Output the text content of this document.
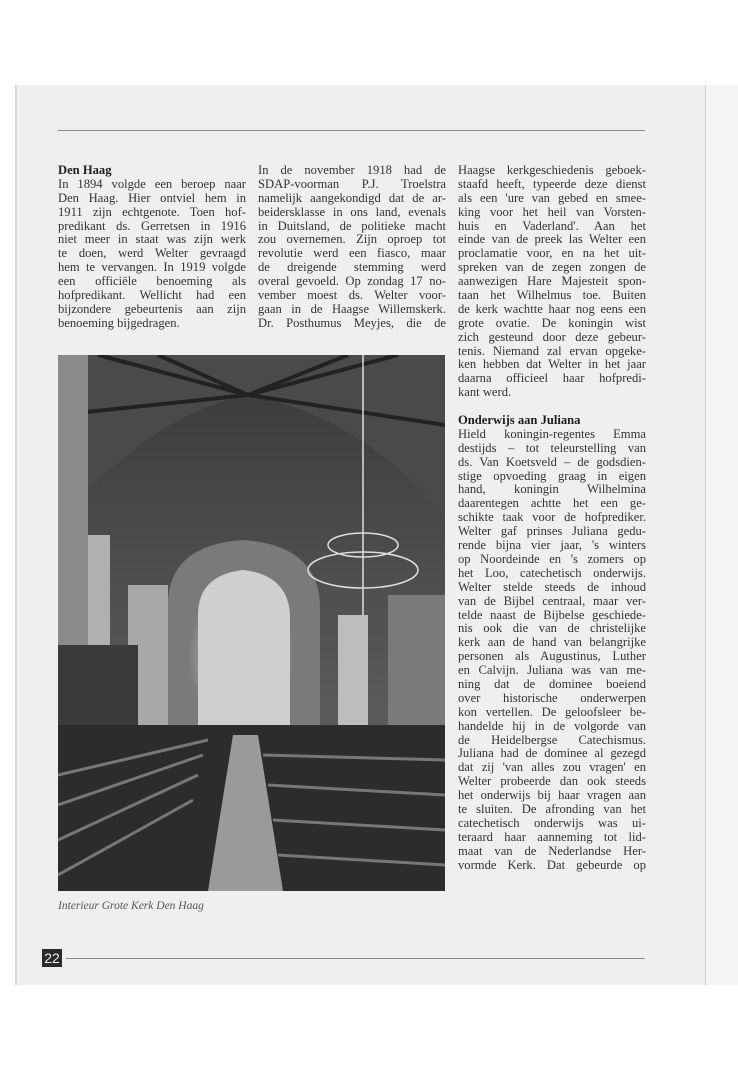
Den Haag
In 1894 volgde een beroep naar
Den Haag. Hier ontviel hem in
1911 zijn echtgenote. Toen hof-
predikant ds. Gerretsen in 1916
niet meer in staat was zijn werk
te doen, werd Welter gevraagd
hem te vervangen. In 1919 volgde
een officiële benoeming als
hofpredikant. Wellicht had een
bijzondere gebeurtenis aan zijn
benoeming bijgedragen.
In de november 1918 had de
SDAP-voorman P.J. Troelstra
namelijk aangekondigd dat de ar-
beidersklasse in ons land, evenals
in Duitsland, de politieke macht
zou overnemen. Zijn oproep tot
revolutie werd een fiasco, maar
de dreigende stemming werd
overal gevoeld. Op zondag 17 no-
vember moest ds. Welter voor-
gaan in de Haagse Willemskerk.
Dr. Posthumus Meyjes, die de
Haagse kerkgeschiedenis geboek-
staafd heeft, typeerde deze dienst
als een 'ure van gebed en smee-
king voor het heil van Vorsten-
huis en Vaderland'. Aan het
einde van de preek las Welter een
proclamatie voor, en na het uit-
spreken van de zegen zongen de
aanwezigen Hare Majesteit spon-
taan het Wilhelmus toe. Buiten
de kerk wachtte haar nog eens een
grote ovatie. De koningin wist
zich gesteund door deze gebeur-
tenis. Niemand zal ervan opgeke-
ken hebben dat Welter in het jaar
daarna officieel haar hofpredi-
kant werd.
Onderwijs aan Juliana
Hield koningin-regentes Emma
destijds – tot teleurstelling van
ds. Van Koetsveld – de godsdien-
stige opvoeding graag in eigen
hand, koningin Wilhelmina
daarentegen achtte het een ge-
schikte taak voor de hofprediker.
Welter gaf prinses Juliana gedu-
rende bijna vier jaar, 's winters
op Noordeinde en 's zomers op
het Loo, catechetisch onderwijs.
Welter stelde steeds de inhoud
van de Bijbel centraal, maar ver-
telde naast de Bijbelse geschiede-
nis ook die van de christelijke
kerk aan de hand van belangrijke
personen als Augustinus, Luther
en Calvijn. Juliana was van me-
ning dat de dominee boeiend
over historische onderwerpen
kon vertellen. De geloofsleer be-
handelde hij in de volgorde van
de Heidelbergse Catechismus.
Juliana had de dominee al gezegd
dat zij 'van alles zou vragen' en
Welter probeerde dan ook steeds
het onderwijs bij haar vragen aan
te sluiten. De afronding van het
catechetisch onderwijs was ui-
teraard haar aanneming tot lid-
maat van de Nederlandse Her-
vormde Kerk. Dat gebeurde op
Interieur Grote Kerk Den Haag
22
